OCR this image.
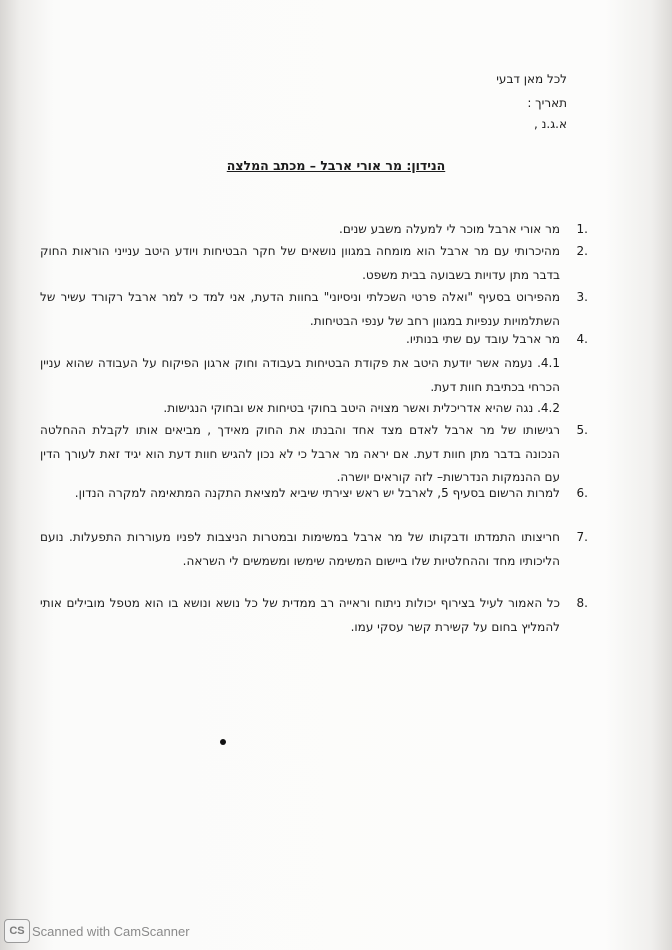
לכל מאן דבעי
תאריך :
א.ג.נ ,
הנידון: מר אורי ארבל – מכתב המלצה
1.
מר אורי ארבל מוכר לי למעלה משבע שנים.
2.
מהיכרותי עם מר ארבל הוא מומחה במגוון נושאים של חקר הבטיחות ויודע היטב ענייני הוראות החוק בדבר מתן עדויות בשבועה בבית משפט.
3.
מהפירוט בסעיף "ואלה פרטי השכלתי וניסיוני" בחוות הדעת, אני למד כי למר ארבל רקורד עשיר של השתלמויות ענפיות במגוון רחב של ענפי הבטיחות.
4.
מר ארבל עובד עם שתי בנותיו.
4.1. נעמה אשר יודעת היטב את פקודת הבטיחות בעבודה וחוק ארגון הפיקוח על העבודה שהוא עניין הכרחי בכתיבת חוות דעת.
4.2. נגה שהיא אדריכלית ואשר מצויה היטב בחוקי בטיחות אש ובחוקי הנגישות.
5.
רגישותו של מר ארבל לאדם מצד אחד והבנתו את החוק מאידך , מביאים אותו לקבלת ההחלטה הנכונה בדבר מתן חוות דעת. אם יראה מר ארבל כי לא נכון להגיש חוות דעת הוא יגיד זאת לעורך הדין עם ההנמקות הנדרשות– לזה קוראים יושרה.
6.
למרות הרשום בסעיף 5, לארבל יש ראש יצירתי שיביא למציאת התקנה המתאימה למקרה הנדון.
7.
חריצותו התמדתו ודבקותו של מר ארבל במשימות ובמטרות הניצבות לפניו מעוררות התפעלות. נועם הליכותיו מחד וההחלטיות שלו ביישום המשימה שימשו ומשמשים לי השראה.
8.
כל האמור לעיל בצירוף יכולות ניתוח וראייה רב ממדית של כל נושא ונושא בו הוא מטפל מובילים אותי להמליץ בחום על קשירת קשר עסקי עמו.
CS Scanned with CamScanner
